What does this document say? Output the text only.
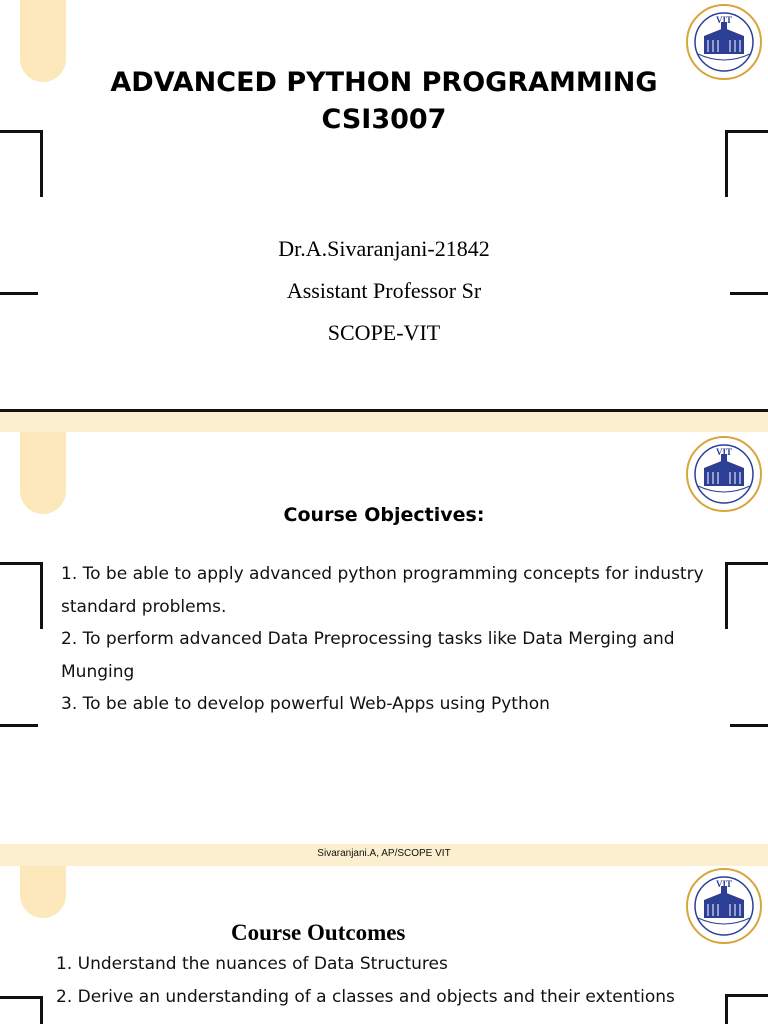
VIT
ADVANCED PYTHON PROGRAMMING
CSI3007
Dr.A.Sivaranjani-21842
Assistant Professor Sr
SCOPE-VIT
VIT
Course Objectives:
1. To be able to apply advanced python programming concepts for industry standard problems.
2. To perform advanced Data Preprocessing tasks like Data Merging and Munging
3. To be able to develop powerful Web-Apps using Python
Sivaranjani.A, AP/SCOPE VIT
VIT
Course Outcomes
1. Understand the nuances of Data Structures
2. Derive an understanding of a classes and objects and their extentions
